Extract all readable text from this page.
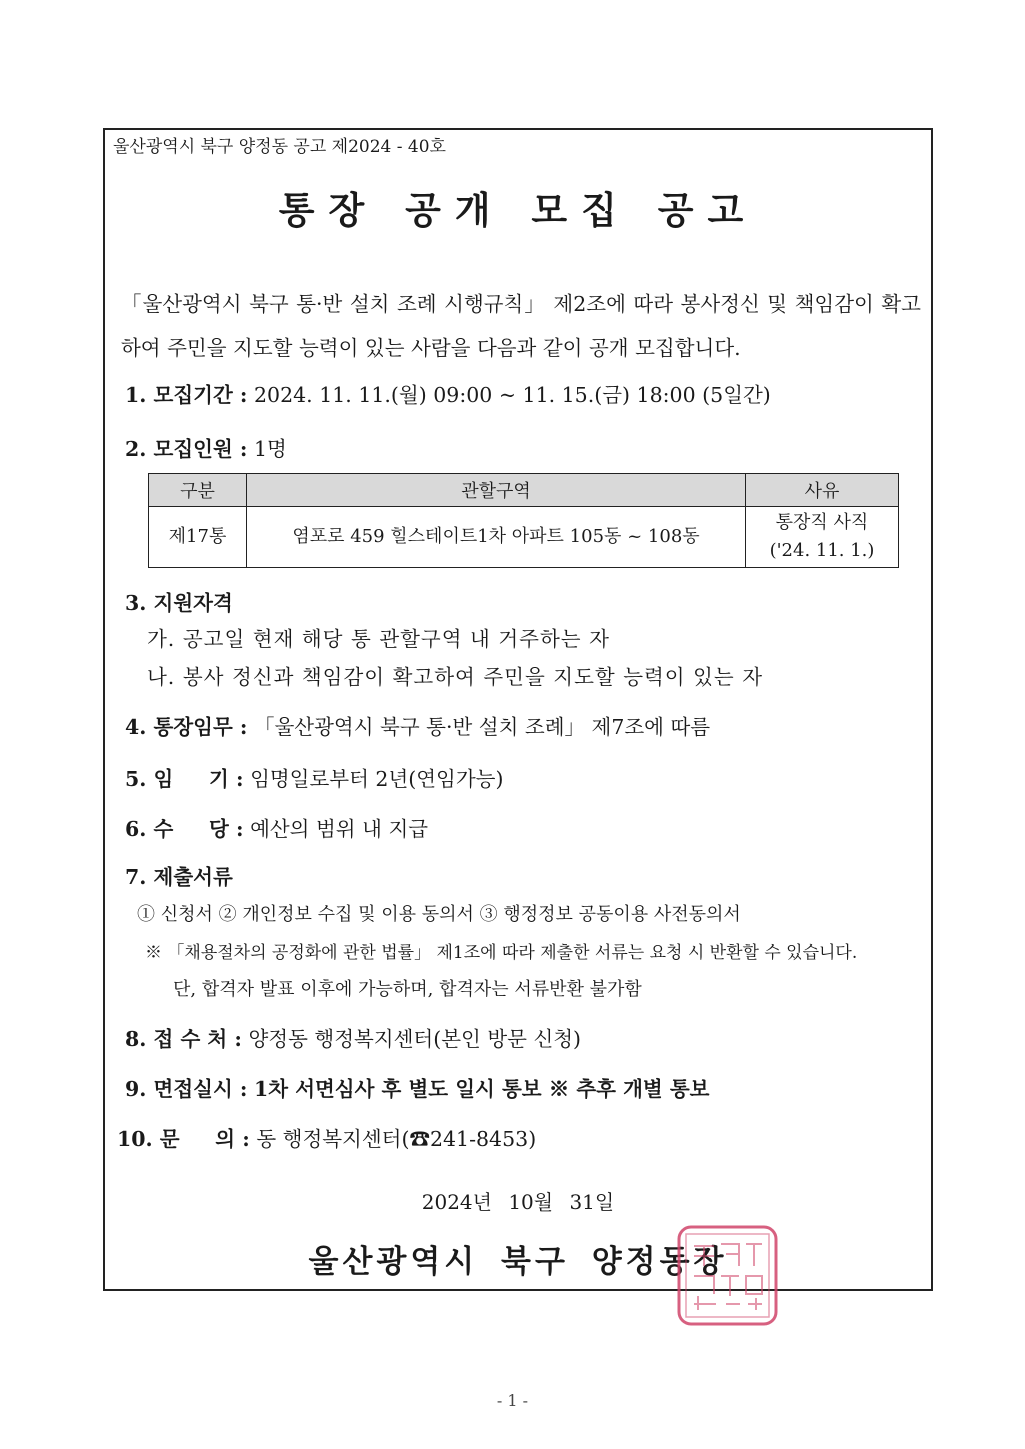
울산광역시 북구 양정동 공고 제2024 - 40호
통장 공개 모집 공고
「울산광역시 북구 통·반 설치 조례 시행규칙」 제2조에 따라 봉사정신 및 책임감이 확고하여 주민을 지도할 능력이 있는 사람을 다음과 같이 공개 모집합니다.
1. 모집기간 : 2024. 11. 11.(월) 09:00 ~ 11. 15.(금) 18:00 (5일간)
2. 모집인원 : 1명
구분	관할구역	사유
제17통	염포로 459 힐스테이트1차 아파트 105동 ~ 108동	통장직 사직
('24. 11. 1.)
3. 지원자격
가. 공고일 현재 해당 통 관할구역 내 거주하는 자
나. 봉사 정신과 책임감이 확고하여 주민을 지도할 능력이 있는 자
4. 통장임무 : 「울산광역시 북구 통·반 설치 조례」 제7조에 따름
5. 임     기 : 임명일로부터 2년(연임가능)
6. 수     당 : 예산의 범위 내 지급
7. 제출서류
① 신청서 ② 개인정보 수집 및 이용 동의서 ③ 행정정보 공동이용 사전동의서
※ 「채용절차의 공정화에 관한 법률」 제1조에 따라 제출한 서류는 요청 시 반환할 수 있습니다.
단, 합격자 발표 이후에 가능하며, 합격자는 서류반환 불가함
8. 접 수 처 : 양정동 행정복지센터(본인 방문 신청)
9. 면접실시 : 1차 서면심사 후 별도 일시 통보 ※ 추후 개별 통보
10. 문     의 : 동 행정복지센터(☎241-8453)
2024년 10월 31일
울산광역시 북구 양정동장
- 1 -
